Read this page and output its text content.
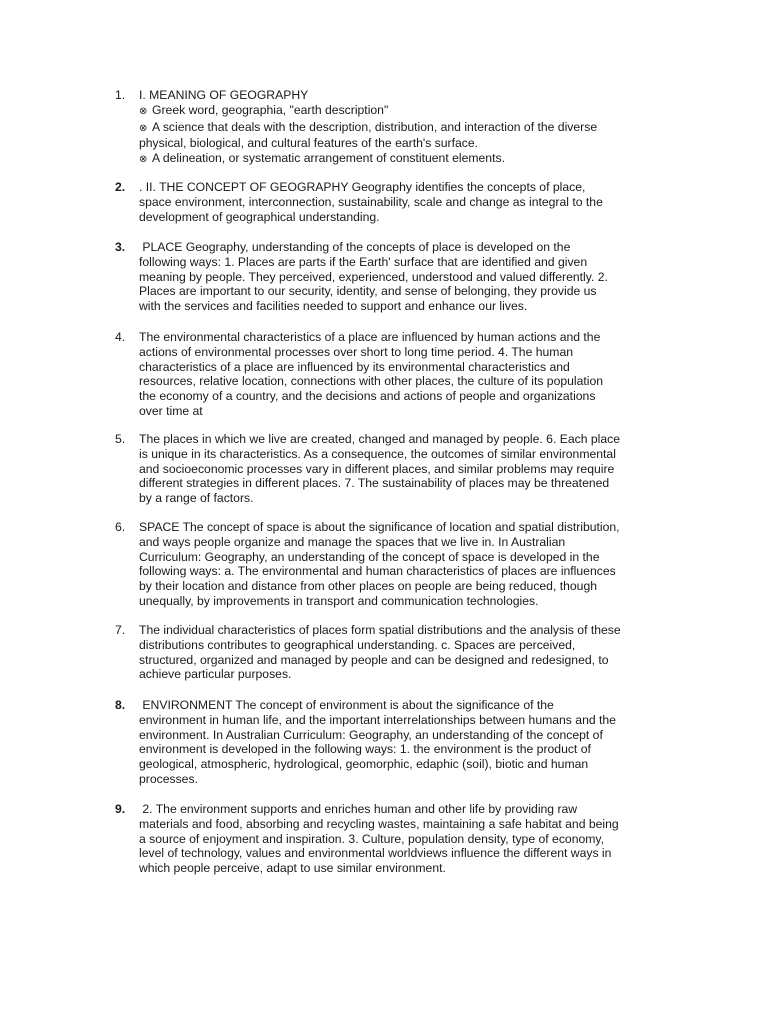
1.	I. MEANING OF GEOGRAPHY
⊗ Greek word, geographia, "earth description"
⊗ A science that deals with the description, distribution, and interaction of the diverse
physical, biological, and cultural features of the earth's surface.
⊗ A delineation, or systematic arrangement of constituent elements.
2.	. II. THE CONCEPT OF GEOGRAPHY Geography identifies the concepts of place,
space environment, interconnection, sustainability, scale and change as integral to the
development of geographical understanding.
3.	PLACE Geography, understanding of the concepts of place is developed on the
following ways: 1. Places are parts if the Earth' surface that are identified and given
meaning by people. They perceived, experienced, understood and valued differently. 2.
Places are important to our security, identity, and sense of belonging, they provide us
with the services and facilities needed to support and enhance our lives.
4.	The environmental characteristics of a place are influenced by human actions and the
actions of environmental processes over short to long time period. 4. The human
characteristics of a place are influenced by its environmental characteristics and
resources, relative location, connections with other places, the culture of its population
the economy of a country, and the decisions and actions of people and organizations
over time at
5.	The places in which we live are created, changed and managed by people. 6. Each place
is unique in its characteristics. As a consequence, the outcomes of similar environmental
and socioeconomic processes vary in different places, and similar problems may require
different strategies in different places. 7. The sustainability of places may be threatened
by a range of factors.
6.	SPACE The concept of space is about the significance of location and spatial distribution,
and ways people organize and manage the spaces that we live in. In Australian
Curriculum: Geography, an understanding of the concept of space is developed in the
following ways: a. The environmental and human characteristics of places are influences
by their location and distance from other places on people are being reduced, though
unequally, by improvements in transport and communication technologies.
7.	The individual characteristics of places form spatial distributions and the analysis of these
distributions contributes to geographical understanding. c. Spaces are perceived,
structured, organized and managed by people and can be designed and redesigned, to
achieve particular purposes.
8.	ENVIRONMENT The concept of environment is about the significance of the
environment in human life, and the important interrelationships between humans and the
environment. In Australian Curriculum: Geography, an understanding of the concept of
environment is developed in the following ways: 1. the environment is the product of
geological, atmospheric, hydrological, geomorphic, edaphic (soil), biotic and human
processes.
9.	2. The environment supports and enriches human and other life by providing raw
materials and food, absorbing and recycling wastes, maintaining a safe habitat and being
a source of enjoyment and inspiration. 3. Culture, population density, type of economy,
level of technology, values and environmental worldviews influence the different ways in
which people perceive, adapt to use similar environment.
